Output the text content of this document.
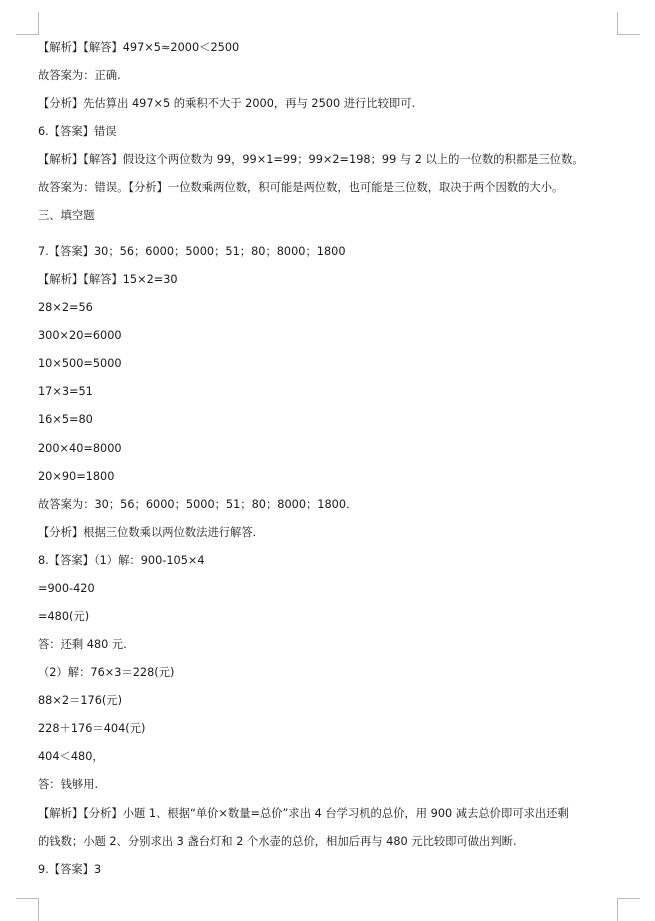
【解析】【解答】497×5≈2000＜2500
故答案为：正确.
【分析】先估算出 497×5 的乘积不大于 2000，再与 2500 进行比较即可.
6.【答案】错误
【解析】【解答】假设这个两位数为 99，99×1=99；99×2=198；99 与 2 以上的一位数的积都是三位数。
故答案为：错误。【分析】一位数乘两位数，积可能是两位数，也可能是三位数，取决于两个因数的大小。
三、填空题
7.【答案】30；56；6000；5000；51；80；8000；1800
【解析】【解答】15×2=30
28×2=56
300×20=6000
10×500=5000
17×3=51
16×5=80
200×40=8000
20×90=1800
故答案为：30；56；6000；5000；51；80；8000；1800.
【分析】根据三位数乘以两位数法进行解答.
8.【答案】（1）解：900-105×4
=900-420
=480(元)
答：还剩 480 元.
（2）解：76×3＝228(元)
88×2＝176(元)
228＋176＝404(元)
404＜480，
答：钱够用.
【解析】【分析】小题 1、根据“单价×数量=总价”求出 4 台学习机的总价，用 900 减去总价即可求出还剩
的钱数；小题 2、分别求出 3 盏台灯和 2 个水壶的总价，相加后再与 480 元比较即可做出判断.
9.【答案】3
